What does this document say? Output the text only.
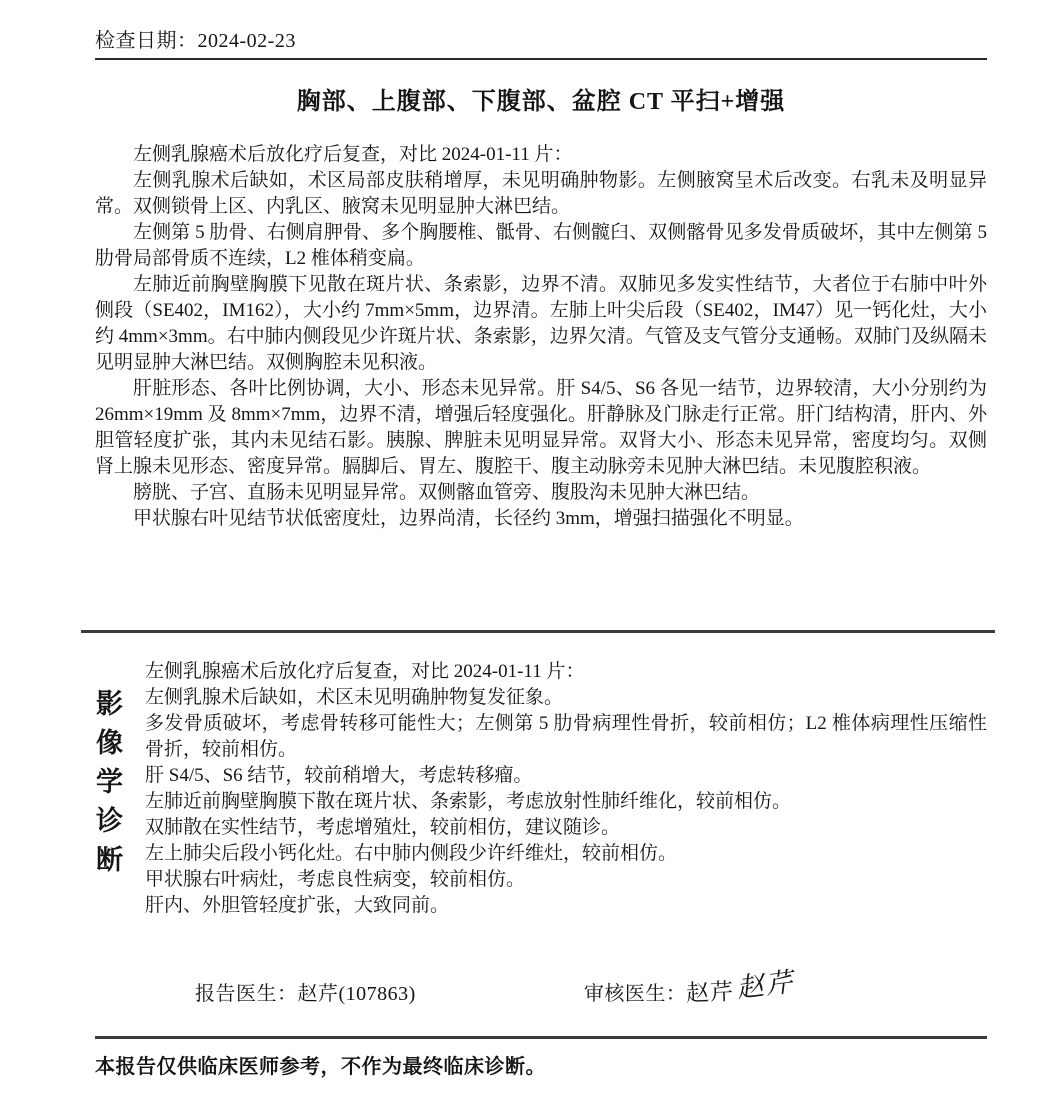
检查日期：2024-02-23
胸部、上腹部、下腹部、盆腔 CT 平扫+增强

左侧乳腺癌术后放化疗后复查，对比 2024-01-11 片：

左侧乳腺术后缺如，术区局部皮肤稍增厚，未见明确肿物影。左侧腋窝呈术后改变。右乳未及明显异常。双侧锁骨上区、内乳区、腋窝未见明显肿大淋巴结。

左侧第 5 肋骨、右侧肩胛骨、多个胸腰椎、骶骨、右侧髋臼、双侧髂骨见多发骨质破坏，其中左侧第 5 肋骨局部骨质不连续，L2 椎体稍变扁。

左肺近前胸壁胸膜下见散在斑片状、条索影，边界不清。双肺见多发实性结节，大者位于右肺中叶外侧段（SE402，IM162），大小约 7mm×5mm，边界清。左肺上叶尖后段（SE402，IM47）见一钙化灶，大小约 4mm×3mm。右中肺内侧段见少许斑片状、条索影，边界欠清。气管及支气管分支通畅。双肺门及纵隔未见明显肿大淋巴结。双侧胸腔未见积液。

肝脏形态、各叶比例协调，大小、形态未见异常。肝 S4/5、S6 各见一结节，边界较清，大小分别约为 26mm×19mm 及 8mm×7mm，边界不清，增强后轻度强化。肝静脉及门脉走行正常。肝门结构清，肝内、外胆管轻度扩张，其内未见结石影。胰腺、脾脏未见明显异常。双肾大小、形态未见异常，密度均匀。双侧肾上腺未见形态、密度异常。膈脚后、胃左、腹腔干、腹主动脉旁未见肿大淋巴结。未见腹腔积液。

膀胱、子宫、直肠未见明显异常。双侧髂血管旁、腹股沟未见肿大淋巴结。

甲状腺右叶见结节状低密度灶，边界尚清，长径约 3mm，增强扫描强化不明显。

影像学诊断

左侧乳腺癌术后放化疗后复查，对比 2024-01-11 片：

左侧乳腺术后缺如，术区未见明确肿物复发征象。

多发骨质破坏，考虑骨转移可能性大；左侧第 5 肋骨病理性骨折，较前相仿；L2 椎体病理性压缩性骨折，较前相仿。

肝 S4/5、S6 结节，较前稍增大，考虑转移瘤。

左肺近前胸壁胸膜下散在斑片状、条索影，考虑放射性肺纤维化，较前相仿。

双肺散在实性结节，考虑增殖灶，较前相仿，建议随诊。

左上肺尖后段小钙化灶。右中肺内侧段少许纤维灶，较前相仿。

甲状腺右叶病灶，考虑良性病变，较前相仿。

肝内、外胆管轻度扩张，大致同前。

报告医生：赵芹(107863)	审核医生：赵芹赵芹

本报告仅供临床医师参考，不作为最终临床诊断。
